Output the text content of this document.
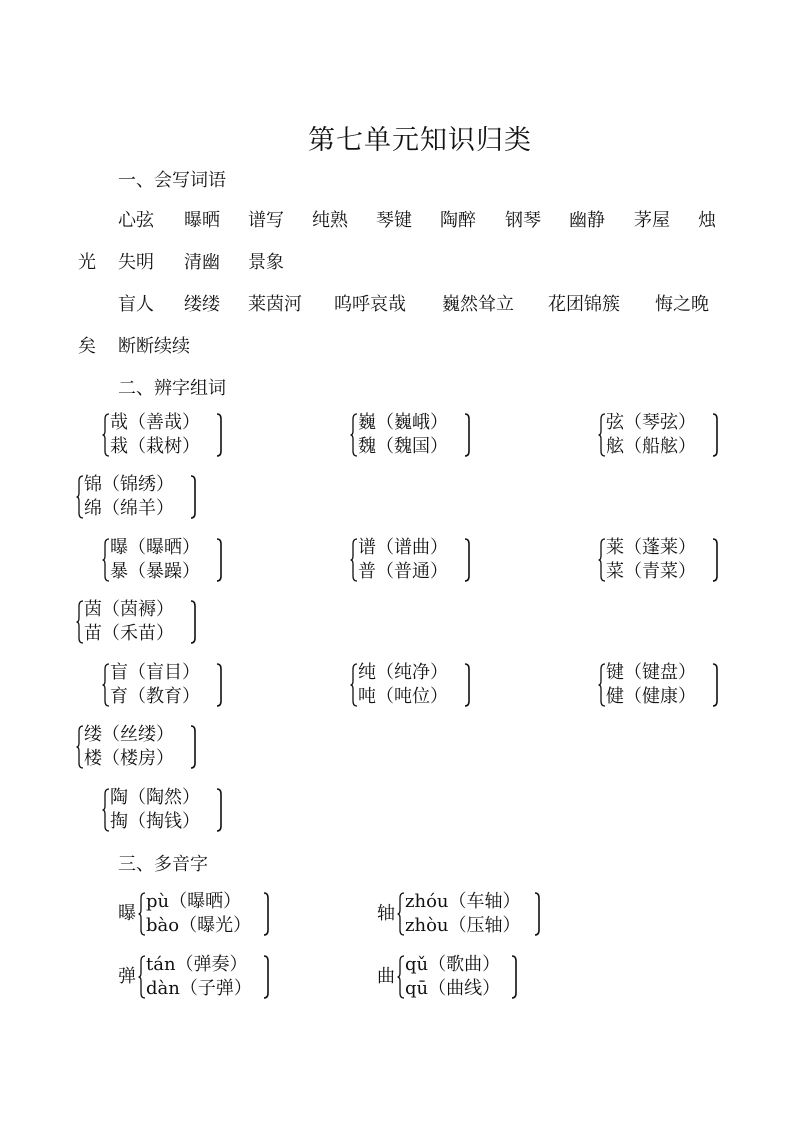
第七单元知识归类
一、会写词语
心弦 曝晒 谱写 纯熟 琴键 陶醉 钢琴 幽静 茅屋 烛
光 失明 清幽 景象
盲人 缕缕 莱茵河 呜呼哀哉 巍然耸立 花团锦簇 悔之晚
矣 断断续续
二、辨字组词
哉（善哉）
栽（栽树）
巍（巍峨）
魏（魏国）
弦（琴弦）
舷（船舷）
锦（锦绣）
绵（绵羊）
曝（曝晒）
暴（暴躁）
谱（谱曲）
普（普通）
莱（蓬莱）
菜（青菜）
茵（茵褥）
苗（禾苗）
盲（盲目）
育（教育）
纯（纯净）
吨（吨位）
键（键盘）
健（健康）
缕（丝缕）
楼（楼房）
陶（陶然）
掏（掏钱）
三、多音字
曝
pù（曝晒）
bào（曝光）
轴
zhóu（车轴）
zhòu（压轴）
弹
tán（弹奏）
dàn（子弹）
曲
qǔ（歌曲）
qū（曲线）
